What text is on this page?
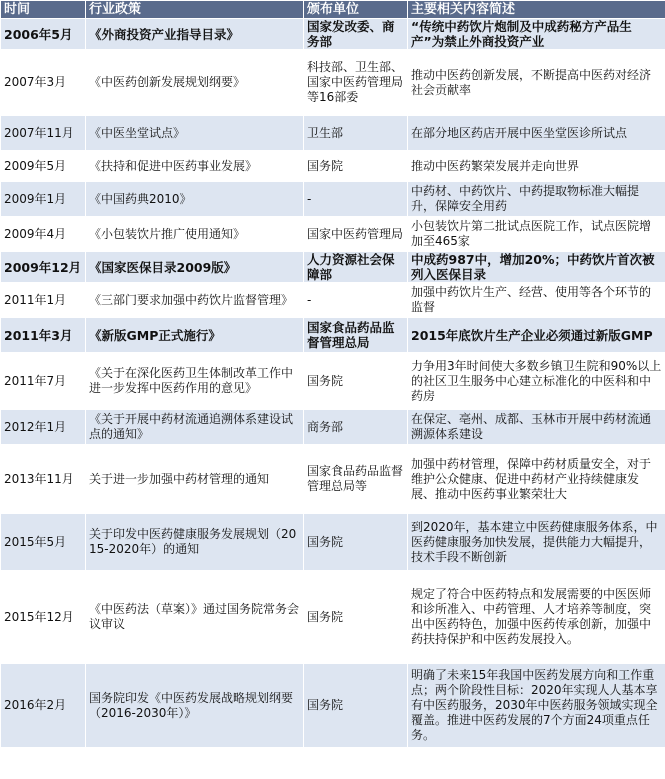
时间	行业政策	颁布单位	主要相关内容简述
2006年5月	《外商投资产业指导目录》	国家发改委、商务部	“传统中药饮片炮制及中成药秘方产品生产”为禁止外商投资产业
2007年3月	《中医药创新发展规划纲要》	科技部、卫生部、国家中医药管理局等16部委	推动中医药创新发展，不断提高中医药对经济社会贡献率
2007年11月	《中医坐堂试点》	卫生部	在部分地区药店开展中医坐堂医诊所试点
2009年5月	《扶持和促进中医药事业发展》	国务院	推动中医药繁荣发展并走向世界
2009年1月	《中国药典2010》	-	中药材、中药饮片、中药提取物标准大幅提升，保障安全用药
2009年4月	《小包装饮片推广使用通知》	国家中医药管理局	小包装饮片第二批试点医院工作，试点医院增加至465家
2009年12月	《国家医保目录2009版》	人力资源社会保障部	中成药987中，增加20%；中药饮片首次被列入医保目录
2011年1月	《三部门要求加强中药饮片监督管理》	-	加强中药饮片生产、经营、使用等各个环节的监督
2011年3月	《新版GMP正式施行》	国家食品药品监督管理总局	2015年底饮片生产企业必须通过新版GMP
2011年7月	《关于在深化医药卫生体制改革工作中进一步发挥中医药作用的意见》	国务院	力争用3年时间使大多数乡镇卫生院和90%以上的社区卫生服务中心建立标准化的中医科和中药房
2012年1月	《关于开展中药材流通追溯体系建设试点的通知》	商务部	在保定、亳州、成都、玉林市开展中药材流通溯源体系建设
2013年11月	关于进一步加强中药材管理的通知	国家食品药品监督管理总局等	加强中药材管理，保障中药材质量安全，对于维护公众健康、促进中药材产业持续健康发展、推动中医药事业繁荣壮大
2015年5月	关于印发中医药健康服务发展规划（2015-2020年）的通知	国务院	到2020年，基本建立中医药健康服务体系，中医药健康服务加快发展，提供能力大幅提升，技术手段不断创新
2015年12月	《中医药法（草案）》通过国务院常务会议审议	国务院	规定了符合中医药特点和发展需要的中医医师和诊所准入、中药管理、人才培养等制度，突出中医药特色，加强中医药传承创新，加强中药扶持保护和中医药发展投入。
2016年2月	国务院印发《中医药发展战略规划纲要（2016-2030年）》	国务院	明确了未来15年我国中医药发展方向和工作重点；两个阶段性目标：2020年实现人人基本享有中医药服务，2030年中医药服务领域实现全覆盖。推进中医药发展的7个方面24项重点任务。
